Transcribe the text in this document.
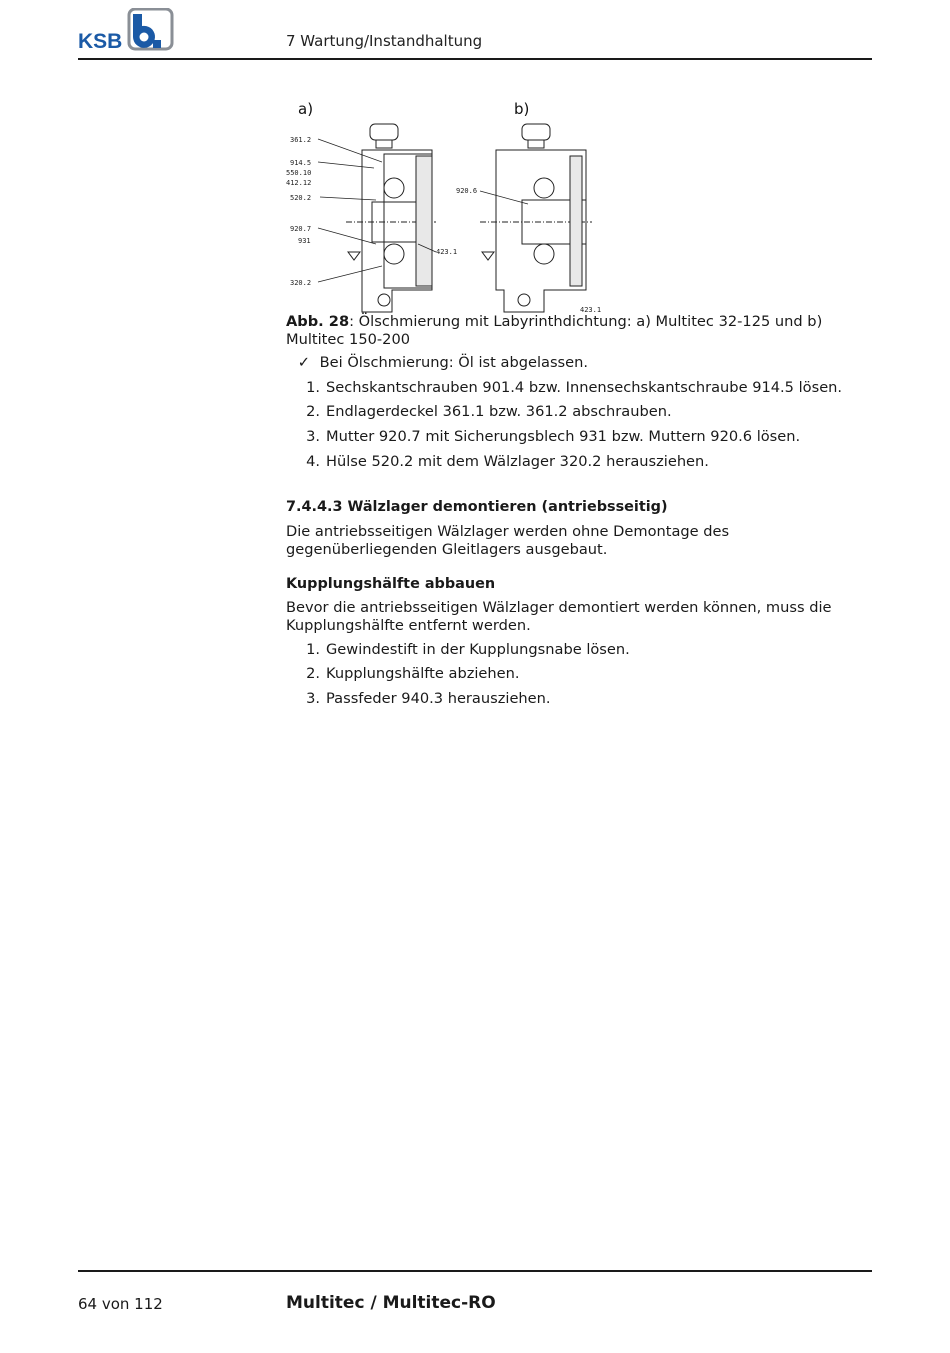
KSB	7 Wartung/Instandhaltung
a)	b)
361.2
914.5
550.10
412.12
520.2
920.7
931
320.2
423.1
920.6
423.1
Abb. 28: Ölschmierung mit Labyrinthdichtung: a) Multitec 32-125 und b) Multitec 150-200
✓ Bei Ölschmierung: Öl ist abgelassen.
1. Sechskantschrauben 901.4 bzw. Innensechskantschraube 914.5 lösen.
2. Endlagerdeckel 361.1 bzw. 361.2 abschrauben.
3. Mutter 920.7 mit Sicherungsblech 931 bzw. Muttern 920.6 lösen.
4. Hülse 520.2 mit dem Wälzlager 320.2 herausziehen.
7.4.4.3 Wälzlager demontieren (antriebsseitig)
Die antriebsseitigen Wälzlager werden ohne Demontage des gegenüberliegenden Gleitlagers ausgebaut.
Kupplungshälfte abbauen
Bevor die antriebsseitigen Wälzlager demontiert werden können, muss die Kupplungshälfte entfernt werden.
1. Gewindestift in der Kupplungsnabe lösen.
2. Kupplungshälfte abziehen.
3. Passfeder 940.3 herausziehen.
64 von 112	Multitec / Multitec-RO
